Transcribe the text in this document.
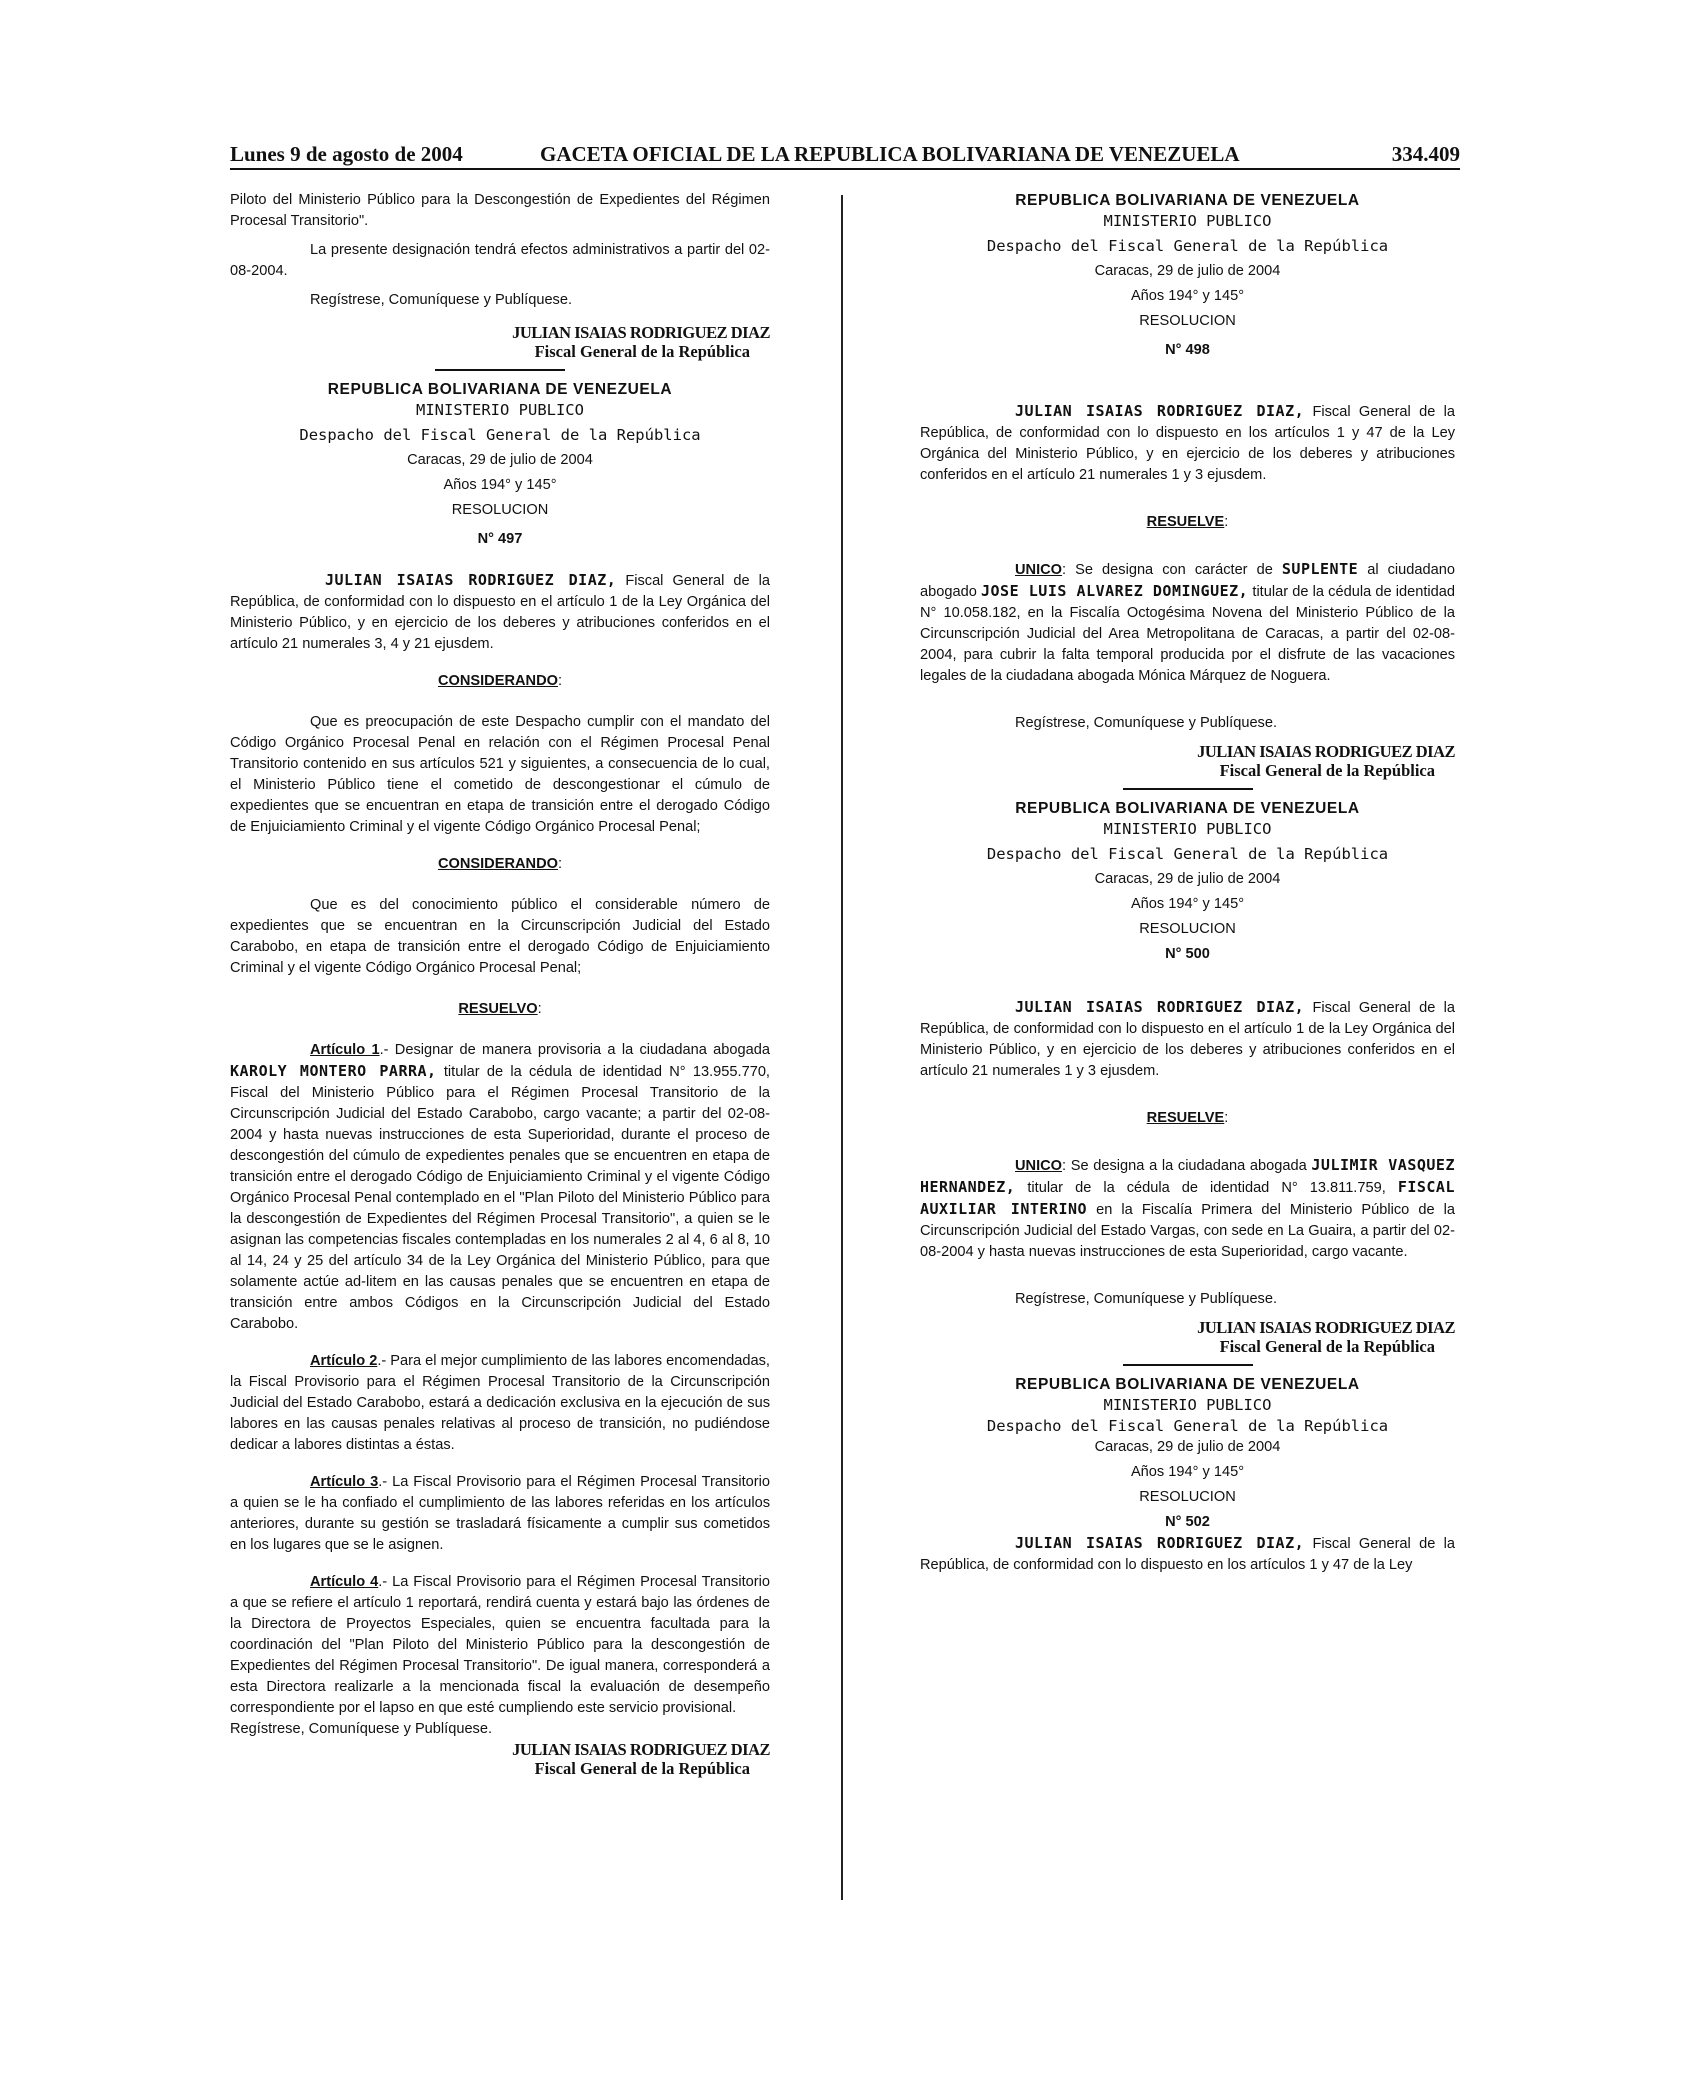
Lunes 9 de agosto de 2004	GACETA OFICIAL DE LA REPUBLICA BOLIVARIANA DE VENEZUELA	334.409

Piloto del Ministerio Público para la Descongestión de Expedientes del Régimen Procesal Transitorio".

La presente designación tendrá efectos administrativos a partir del 02-08-2004.

Regístrese, Comuníquese y Publíquese.

JULIAN ISAIAS RODRIGUEZ DIAZ
Fiscal General de la República

REPUBLICA BOLIVARIANA DE VENEZUELA

MINISTERIO PUBLICO

Despacho del Fiscal General de la República

Caracas, 29 de julio de 2004

Años 194° y 145°

RESOLUCION

N° 497

JULIAN ISAIAS RODRIGUEZ DIAZ, Fiscal General de la República, de conformidad con lo dispuesto en el artículo 1 de la Ley Orgánica del Ministerio Público, y en ejercicio de los deberes y atribuciones conferidos en el artículo 21 numerales 3, 4 y 21 ejusdem.

CONSIDERANDO:

Que es preocupación de este Despacho cumplir con el mandato del Código Orgánico Procesal Penal en relación con el Régimen Procesal Penal Transitorio contenido en sus artículos 521 y siguientes, a consecuencia de lo cual, el Ministerio Público tiene el cometido de descongestionar el cúmulo de expedientes que se encuentran en etapa de transición entre el derogado Código de Enjuiciamiento Criminal y el vigente Código Orgánico Procesal Penal;

CONSIDERANDO:

Que es del conocimiento público el considerable número de expedientes que se encuentran en la Circunscripción Judicial del Estado Carabobo, en etapa de transición entre el derogado Código de Enjuiciamiento Criminal y el vigente Código Orgánico Procesal Penal;

RESUELVO:

Artículo 1.- Designar de manera provisoria a la ciudadana abogada KAROLY MONTERO PARRA, titular de la cédula de identidad N° 13.955.770, Fiscal del Ministerio Público para el Régimen Procesal Transitorio de la Circunscripción Judicial del Estado Carabobo, cargo vacante; a partir del 02-08-2004 y hasta nuevas instrucciones de esta Superioridad, durante el proceso de descongestión del cúmulo de expedientes penales que se encuentren en etapa de transición entre el derogado Código de Enjuiciamiento Criminal y el vigente Código Orgánico Procesal Penal contemplado en el "Plan Piloto del Ministerio Público para la descongestión de Expedientes del Régimen Procesal Transitorio", a quien se le asignan las competencias fiscales contempladas en los numerales 2 al 4, 6 al 8, 10 al 14, 24 y 25 del artículo 34 de la Ley Orgánica del Ministerio Público, para que solamente actúe ad-litem en las causas penales que se encuentren en etapa de transición entre ambos Códigos en la Circunscripción Judicial del Estado Carabobo.

Artículo 2.- Para el mejor cumplimiento de las labores encomendadas, la Fiscal Provisorio para el Régimen Procesal Transitorio de la Circunscripción Judicial del Estado Carabobo, estará a dedicación exclusiva en la ejecución de sus labores en las causas penales relativas al proceso de transición, no pudiéndose dedicar a labores distintas a éstas.

Artículo 3.- La Fiscal Provisorio para el Régimen Procesal Transitorio a quien se le ha confiado el cumplimiento de las labores referidas en los artículos anteriores, durante su gestión se trasladará físicamente a cumplir sus cometidos en los lugares que se le asignen.

Artículo 4.- La Fiscal Provisorio para el Régimen Procesal Transitorio a que se refiere el artículo 1 reportará, rendirá cuenta y estará bajo las órdenes de la Directora de Proyectos Especiales, quien se encuentra facultada para la coordinación del "Plan Piloto del Ministerio Público para la descongestión de Expedientes del Régimen Procesal Transitorio". De igual manera, corresponderá a esta Directora realizarle a la mencionada fiscal la evaluación de desempeño correspondiente por el lapso en que esté cumpliendo este servicio provisional.

Regístrese, Comuníquese y Publíquese.

JULIAN ISAIAS RODRIGUEZ DIAZ
Fiscal General de la República

REPUBLICA BOLIVARIANA DE VENEZUELA

MINISTERIO PUBLICO

Despacho del Fiscal General de la República

Caracas, 29 de julio de 2004

Años 194° y 145°

RESOLUCION

N° 498

JULIAN ISAIAS RODRIGUEZ DIAZ, Fiscal General de la República, de conformidad con lo dispuesto en los artículos 1 y 47 de la Ley Orgánica del Ministerio Público, y en ejercicio de los deberes y atribuciones conferidos en el artículo 21 numerales 1 y 3 ejusdem.

RESUELVE:

UNICO: Se designa con carácter de SUPLENTE al ciudadano abogado JOSE LUIS ALVAREZ DOMINGUEZ, titular de la cédula de identidad N° 10.058.182, en la Fiscalía Octogésima Novena del Ministerio Público de la Circunscripción Judicial del Area Metropolitana de Caracas, a partir del 02-08-2004, para cubrir la falta temporal producida por el disfrute de las vacaciones legales de la ciudadana abogada Mónica Márquez de Noguera.

Regístrese, Comuníquese y Publíquese.

JULIAN ISAIAS RODRIGUEZ DIAZ
Fiscal General de la República

REPUBLICA BOLIVARIANA DE VENEZUELA

MINISTERIO PUBLICO

Despacho del Fiscal General de la República

Caracas, 29 de julio de 2004

Años 194° y 145°

RESOLUCION

N° 500

JULIAN ISAIAS RODRIGUEZ DIAZ, Fiscal General de la República, de conformidad con lo dispuesto en el artículo 1 de la Ley Orgánica del Ministerio Público, y en ejercicio de los deberes y atribuciones conferidos en el artículo 21 numerales 1 y 3 ejusdem.

RESUELVE:

UNICO: Se designa a la ciudadana abogada JULIMIR VASQUEZ HERNANDEZ, titular de la cédula de identidad N° 13.811.759, FISCAL AUXILIAR INTERINO en la Fiscalía Primera del Ministerio Público de la Circunscripción Judicial del Estado Vargas, con sede en La Guaira, a partir del 02-08-2004 y hasta nuevas instrucciones de esta Superioridad, cargo vacante.

Regístrese, Comuníquese y Publíquese.

JULIAN ISAIAS RODRIGUEZ DIAZ
Fiscal General de la República

REPUBLICA BOLIVARIANA DE VENEZUELA

MINISTERIO PUBLICO

Despacho del Fiscal General de la República

Caracas, 29 de julio de 2004

Años 194° y 145°

RESOLUCION

N° 502

JULIAN ISAIAS RODRIGUEZ DIAZ, Fiscal General de la República, de conformidad con lo dispuesto en los artículos 1 y 47 de la Ley
